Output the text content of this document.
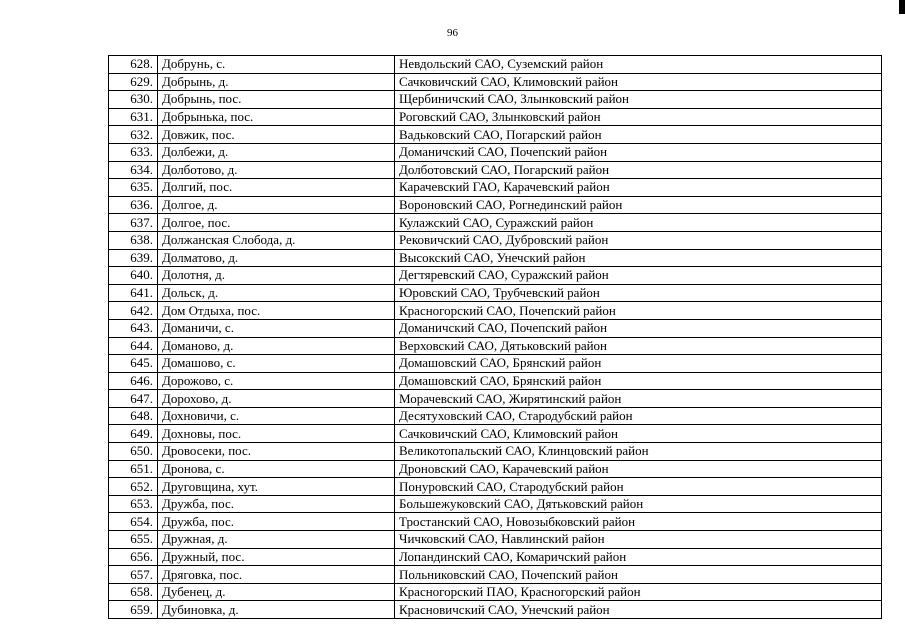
96
628.	Добрунь, с.	Невдольский САО, Суземский район
629.	Добрынь, д.	Сачковичский САО, Климовский район
630.	Добрынь, пос.	Щербиничский САО, Злынковский район
631.	Добрынька, пос.	Роговский САО, Злынковский район
632.	Довжик, пос.	Вадьковский САО, Погарский район
633.	Долбежи, д.	Доманичский САО, Почепский район
634.	Долботово, д.	Долботовский САО, Погарский район
635.	Долгий, пос.	Карачевский ГАО, Карачевский район
636.	Долгое, д.	Вороновский САО, Рогнединский район
637.	Долгое, пос.	Кулажский САО, Суражский район
638.	Должанская Слобода, д.	Рековичский САО, Дубровский район
639.	Долматово, д.	Высокский САО, Унечский район
640.	Долотня, д.	Дегтяревский САО, Суражский район
641.	Дольск, д.	Юровский САО, Трубчевский район
642.	Дом Отдыха, пос.	Красногорский САО, Почепский район
643.	Доманичи, с.	Доманичский САО, Почепский район
644.	Доманово, д.	Верховский САО, Дятьковский район
645.	Домашово, с.	Домашовский САО, Брянский район
646.	Дорожово, с.	Домашовский САО, Брянский район
647.	Дорохово, д.	Морачевский САО, Жирятинский район
648.	Дохновичи, с.	Десятуховский САО, Стародубский район
649.	Дохновы, пос.	Сачковичский САО, Климовский район
650.	Дровосеки, пос.	Великотопальский САО, Клинцовский район
651.	Дронова, с.	Дроновский САО, Карачевский район
652.	Друговщина, хут.	Понуровский САО, Стародубский район
653.	Дружба, пос.	Большежуковский САО, Дятьковский район
654.	Дружба, пос.	Тростанский САО, Новозыбковский район
655.	Дружная, д.	Чичковский САО, Навлинский район
656.	Дружный, пос.	Лопандинский САО, Комаричский район
657.	Дряговка, пос.	Польниковский САО, Почепский район
658.	Дубенец, д.	Красногорский ПАО, Красногорский район
659.	Дубиновка, д.	Красновичский САО, Унечский район
